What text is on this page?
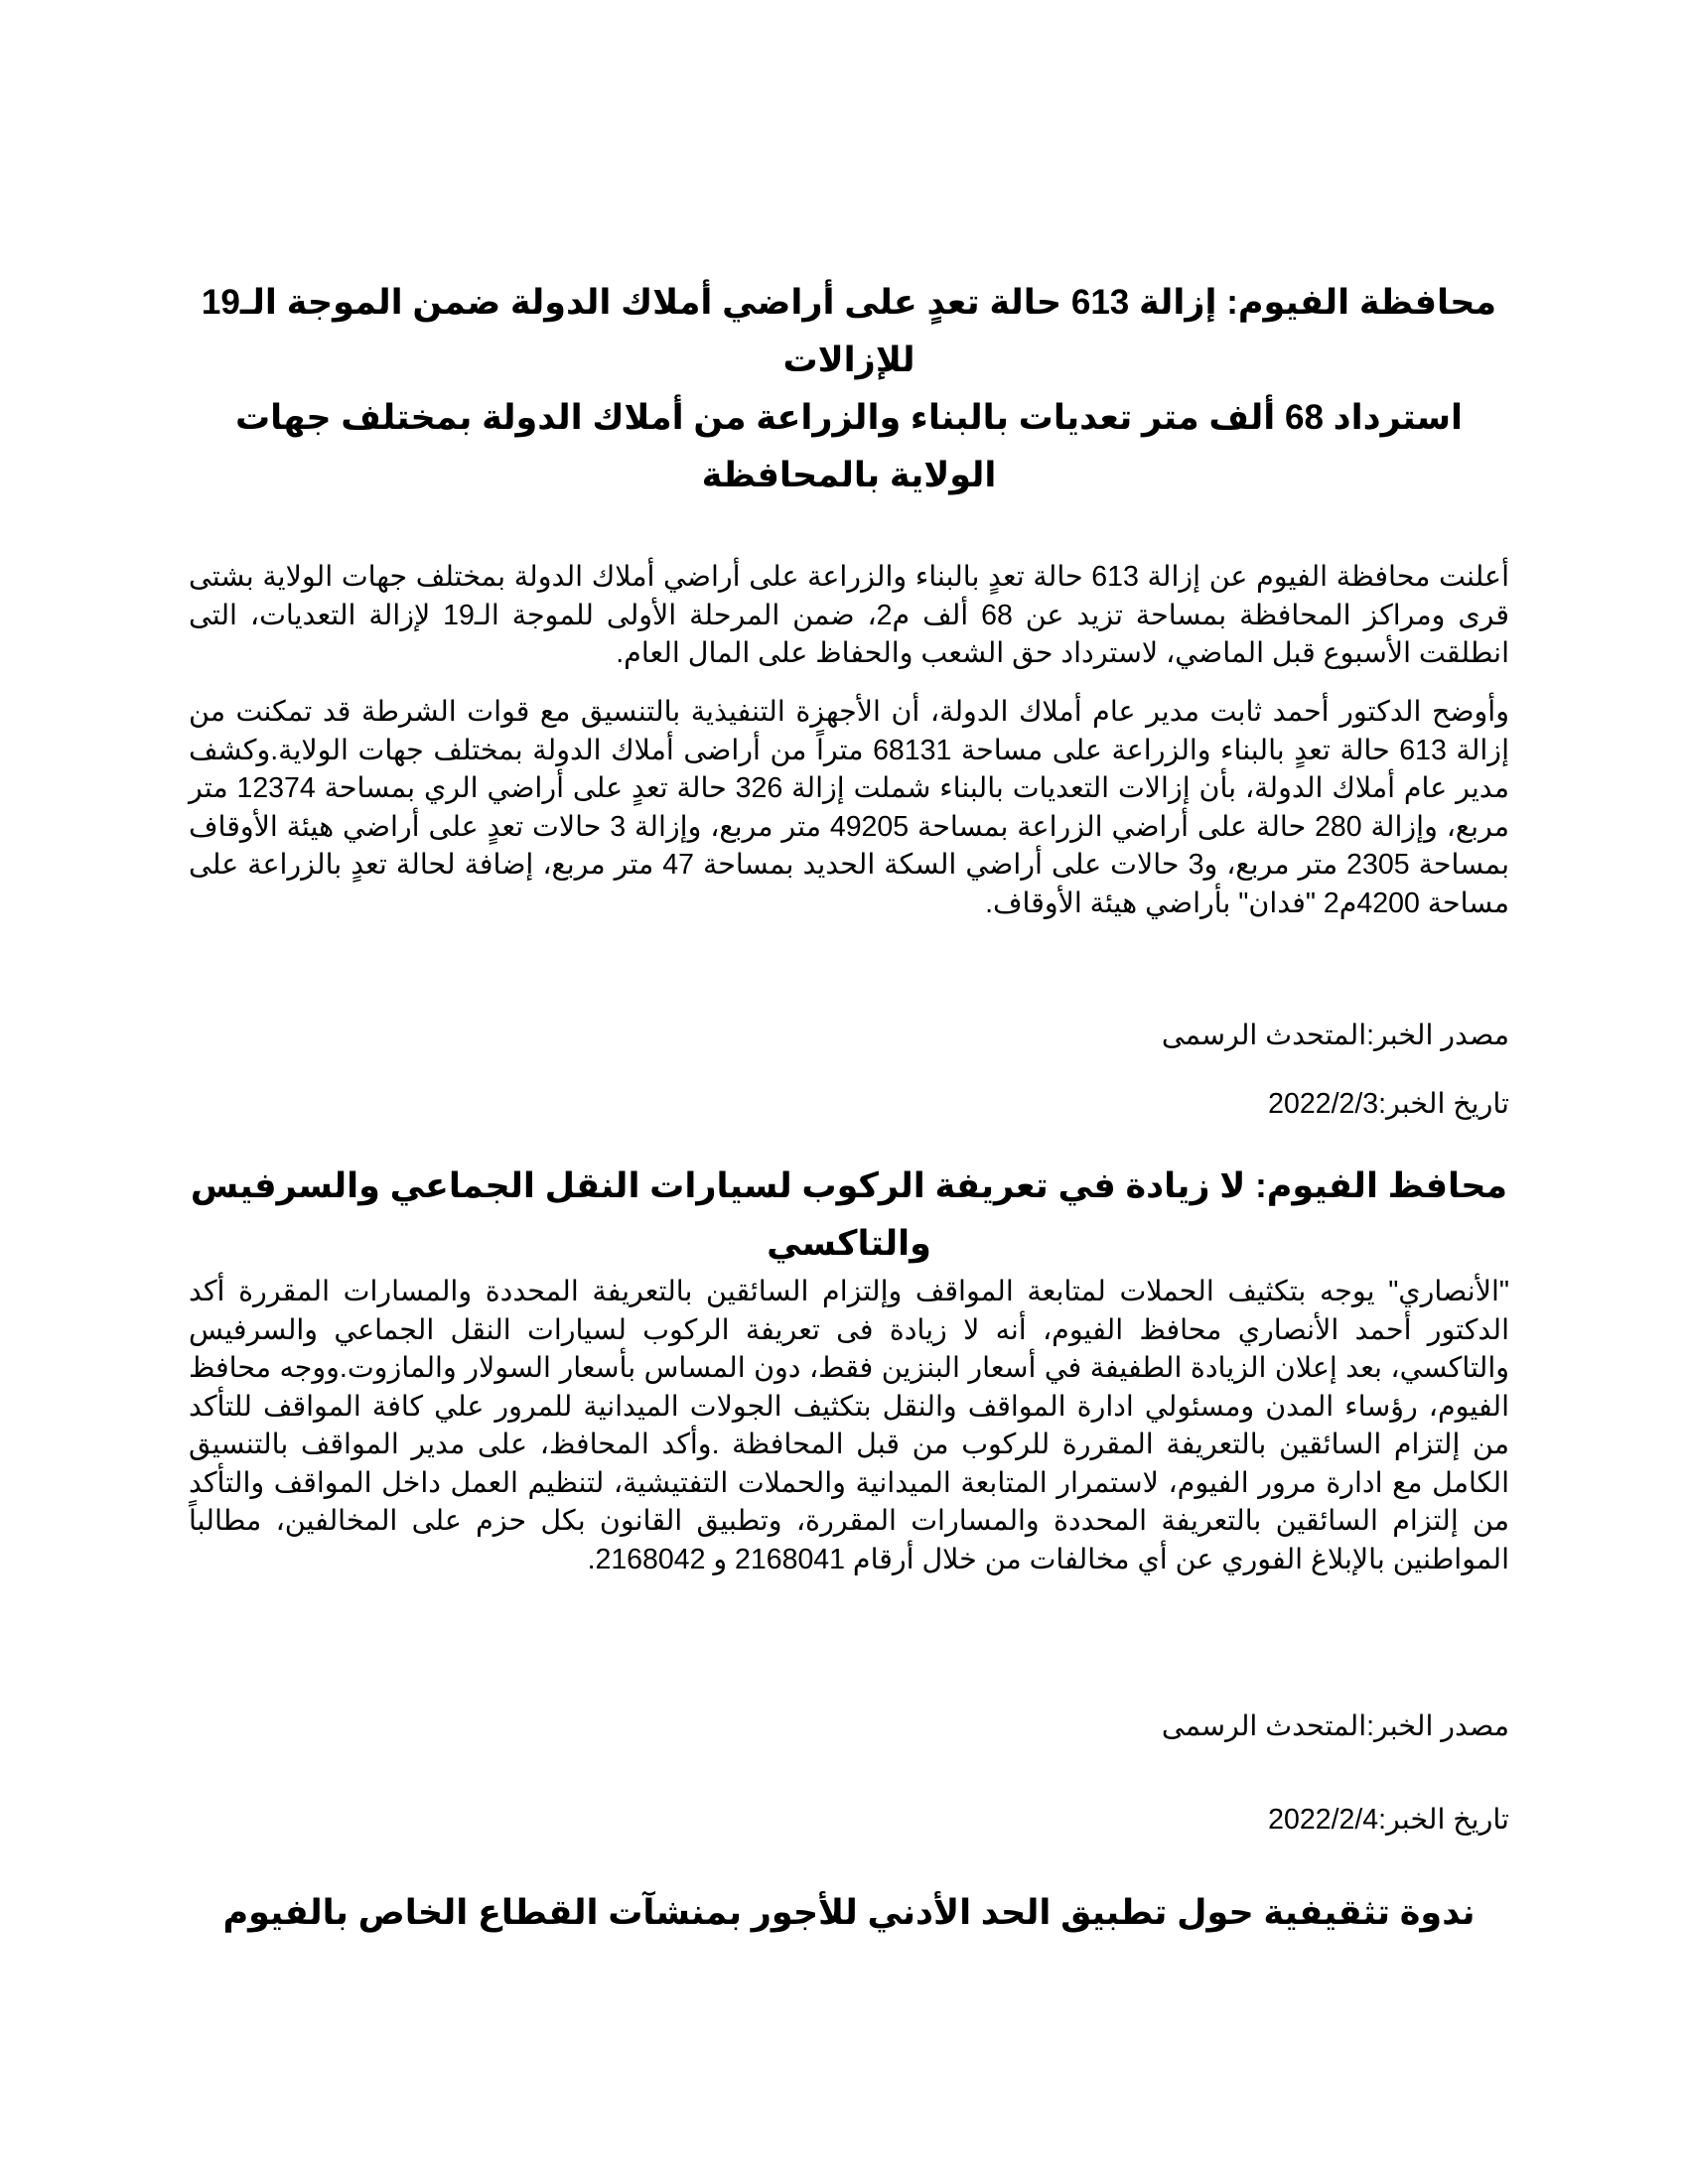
محافظة الفيوم: إزالة 613 حالة تعدٍ على أراضي أملاك الدولة ضمن الموجة الـ19 للإزالات
استرداد 68 ألف متر تعديات بالبناء والزراعة من أملاك الدولة بمختلف جهات الولاية بالمحافظة

أعلنت محافظة الفيوم عن إزالة 613 حالة تعدٍ بالبناء والزراعة على أراضي أملاك الدولة بمختلف جهات الولاية بشتى قرى ومراكز المحافظة بمساحة تزيد عن 68 ألف م2، ضمن المرحلة الأولى للموجة الـ19 لإزالة التعديات، التى انطلقت الأسبوع قبل الماضي، لاسترداد حق الشعب والحفاظ على المال العام.

وأوضح الدكتور أحمد ثابت مدير عام أملاك الدولة، أن الأجهزة التنفيذية بالتنسيق مع قوات الشرطة قد تمكنت من إزالة 613 حالة تعدٍ بالبناء والزراعة على مساحة 68131 متراً من أراضى أملاك الدولة بمختلف جهات الولاية.وكشف مدير عام أملاك الدولة، بأن إزالات التعديات بالبناء شملت إزالة 326 حالة تعدٍ على أراضي الري بمساحة 12374 متر مربع، وإزالة 280 حالة على أراضي الزراعة بمساحة 49205 متر مربع، وإزالة 3 حالات تعدٍ على أراضي هيئة الأوقاف بمساحة 2305 متر مربع، و3 حالات على أراضي السكة الحديد بمساحة 47 متر مربع، إضافة لحالة تعدٍ بالزراعة على مساحة 4200م2 "فدان" بأراضي هيئة الأوقاف.

مصدر الخبر:المتحدث الرسمى

تاريخ الخبر:2022/2/3

محافظ الفيوم: لا زيادة في تعريفة الركوب لسيارات النقل الجماعي والسرفيس والتاكسي

"الأنصاري" يوجه بتكثيف الحملات لمتابعة المواقف وإلتزام السائقين بالتعريفة المحددة والمسارات المقررة أكد الدكتور أحمد الأنصاري محافظ الفيوم، أنه لا زيادة فى تعريفة الركوب لسيارات النقل الجماعي والسرفيس والتاكسي، بعد إعلان الزيادة الطفيفة في أسعار البنزين فقط، دون المساس بأسعار السولار والمازوت.ووجه محافظ الفيوم، رؤساء المدن ومسئولي ادارة المواقف والنقل بتكثيف الجولات الميدانية للمرور علي كافة المواقف للتأكد من إلتزام السائقين بالتعريفة المقررة للركوب من قبل المحافظة .وأكد المحافظ، على مدير المواقف بالتنسيق الكامل مع ادارة مرور الفيوم، لاستمرار المتابعة الميدانية والحملات التفتيشية، لتنظيم العمل داخل المواقف والتأكد من إلتزام السائقين بالتعريفة المحددة والمسارات المقررة، وتطبيق القانون بكل حزم على المخالفين، مطالباً المواطنين بالإبلاغ الفوري عن أي مخالفات من خلال أرقام 2168041 و 2168042.

مصدر الخبر:المتحدث الرسمى

تاريخ الخبر:2022/2/4

ندوة تثقيفية حول تطبيق الحد الأدني للأجور بمنشآت القطاع الخاص بالفيوم
